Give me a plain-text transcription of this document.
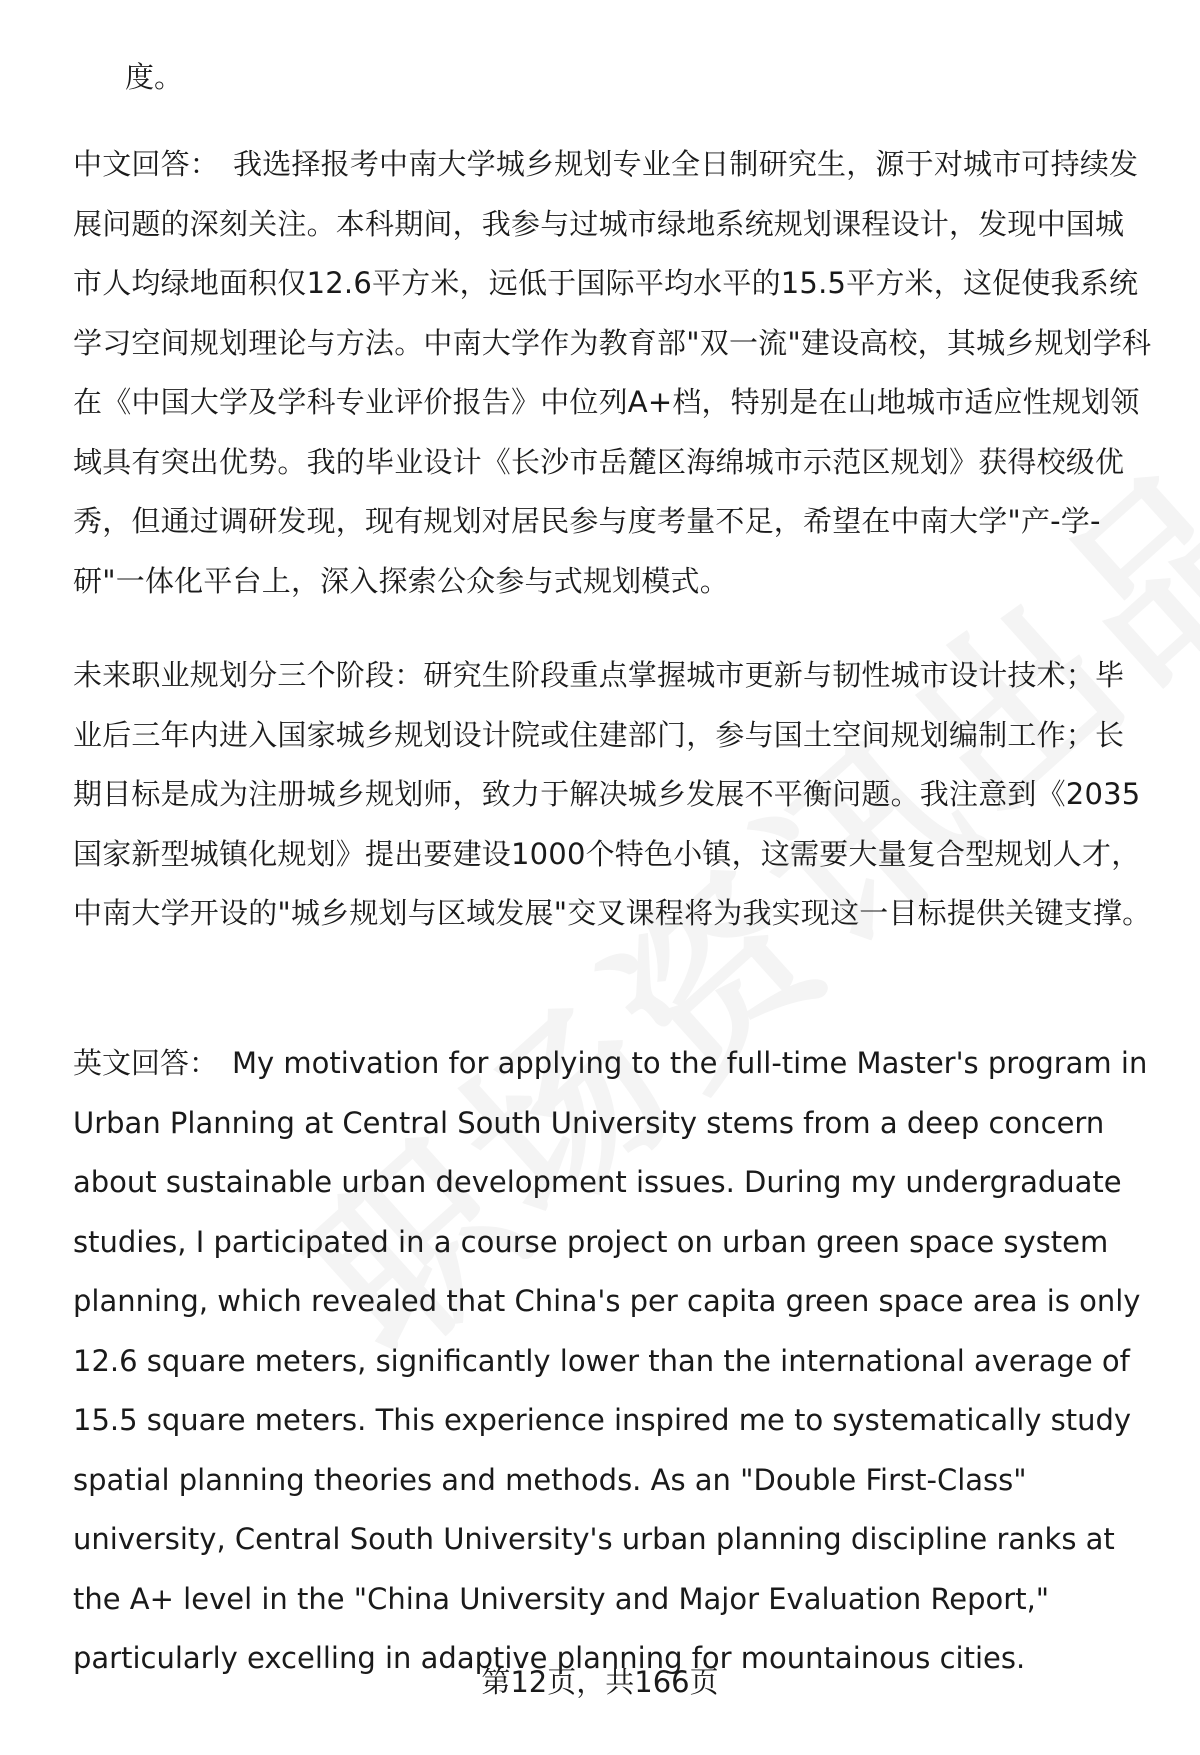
度。

中文回答： 我选择报考中南大学城乡规划专业全日制研究生，源于对城市可持续发展问题的深刻关注。本科期间，我参与过城市绿地系统规划课程设计，发现中国城市人均绿地面积仅12.6平方米，远低于国际平均水平的15.5平方米，这促使我系统学习空间规划理论与方法。中南大学作为教育部"双一流"建设高校，其城乡规划学科在《中国大学及学科专业评价报告》中位列A+档，特别是在山地城市适应性规划领域具有突出优势。我的毕业设计《长沙市岳麓区海绵城市示范区规划》获得校级优秀，但通过调研发现，现有规划对居民参与度考量不足，希望在中南大学"产-学-研"一体化平台上，深入探索公众参与式规划模式。

未来职业规划分三个阶段：研究生阶段重点掌握城市更新与韧性城市设计技术；毕业后三年内进入国家城乡规划设计院或住建部门，参与国土空间规划编制工作；长期目标是成为注册城乡规划师，致力于解决城乡发展不平衡问题。我注意到《2035国家新型城镇化规划》提出要建设1000个特色小镇，这需要大量复合型规划人才，中南大学开设的"城乡规划与区域发展"交叉课程将为我实现这一目标提供关键支撑。

英文回答： My motivation for applying to the full-time Master's program in Urban Planning at Central South University stems from a deep concern about sustainable urban development issues. During my undergraduate studies, I participated in a course project on urban green space system planning, which revealed that China's per capita green space area is only 12.6 square meters, significantly lower than the international average of 15.5 square meters. This experience inspired me to systematically study spatial planning theories and methods. As an "Double First-Class" university, Central South University's urban planning discipline ranks at the A+ level in the "China University and Major Evaluation Report," particularly excelling in adaptive planning for mountainous cities.

第12页，共166页
